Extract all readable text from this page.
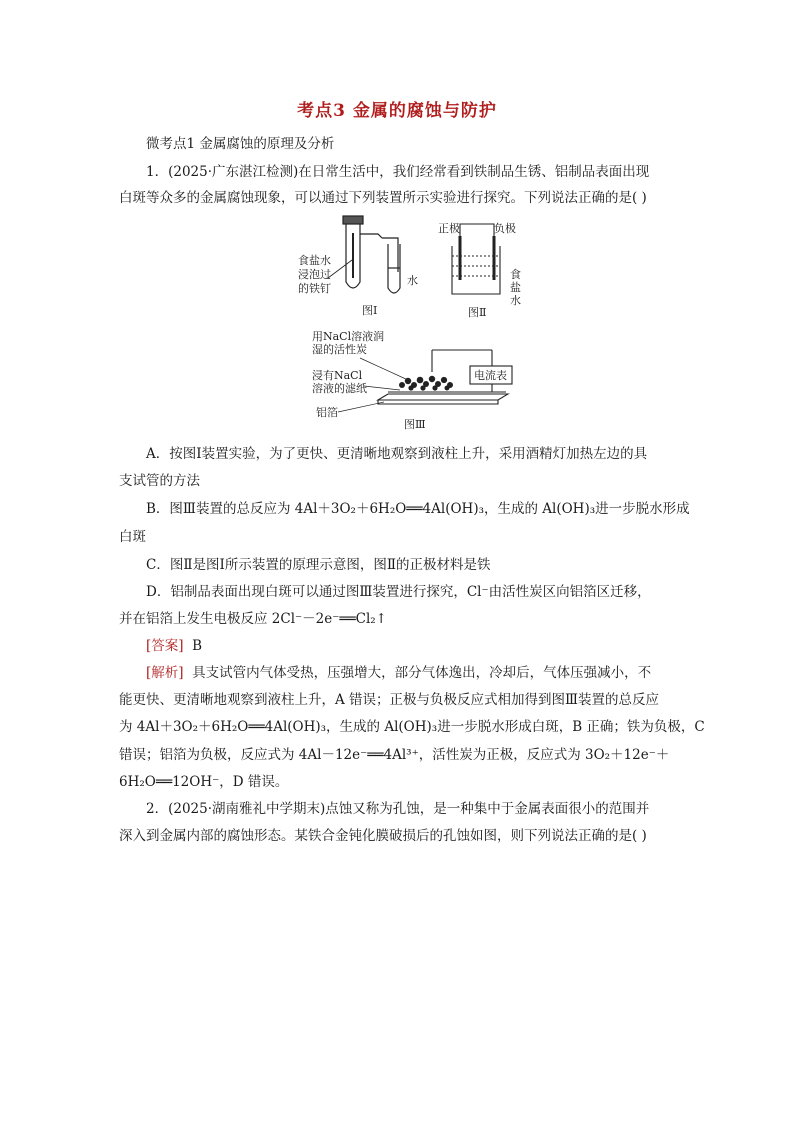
考点3 金属的腐蚀与防护
微考点1 金属腐蚀的原理及分析
1．(2025·广东湛江检测)在日常生活中，我们经常看到铁制品生锈、铝制品表面出现
白斑等众多的金属腐蚀现象，可以通过下列装置所示实验进行探究。下列说法正确的是( )
食盐水
浸泡过
的铁钉
水
图Ⅰ
正极	负极
食
盐
水
图Ⅱ
用NaCl溶液润
湿的活性炭
浸有NaCl
溶液的滤纸
铝箔
电流表
图Ⅲ
A．按图Ⅰ装置实验，为了更快、更清晰地观察到液柱上升，采用酒精灯加热左边的具
支试管的方法
B．图Ⅲ装置的总反应为 4Al＋3O₂＋6H₂O══4Al(OH)₃，生成的 Al(OH)₃进一步脱水形成
白斑
C．图Ⅱ是图Ⅰ所示装置的原理示意图，图Ⅱ的正极材料是铁
D．铝制品表面出现白斑可以通过图Ⅲ装置进行探究，Cl⁻由活性炭区向铝箔区迁移，
并在铝箔上发生电极反应 2Cl⁻－2e⁻══Cl₂↑
[答案] B
[解析] 具支试管内气体受热，压强增大，部分气体逸出，冷却后，气体压强减小，不
能更快、更清晰地观察到液柱上升，A 错误；正极与负极反应式相加得到图Ⅲ装置的总反应
为 4Al＋3O₂＋6H₂O══4Al(OH)₃，生成的 Al(OH)₃进一步脱水形成白斑，B 正确；铁为负极，C
错误；铝箔为负极，反应式为 4Al－12e⁻══4Al³⁺，活性炭为正极，反应式为 3O₂＋12e⁻＋
6H₂O══12OH⁻，D 错误。
2．(2025·湖南雅礼中学期末)点蚀又称为孔蚀，是一种集中于金属表面很小的范围并
深入到金属内部的腐蚀形态。某铁合金钝化膜破损后的孔蚀如图，则下列说法正确的是( )
